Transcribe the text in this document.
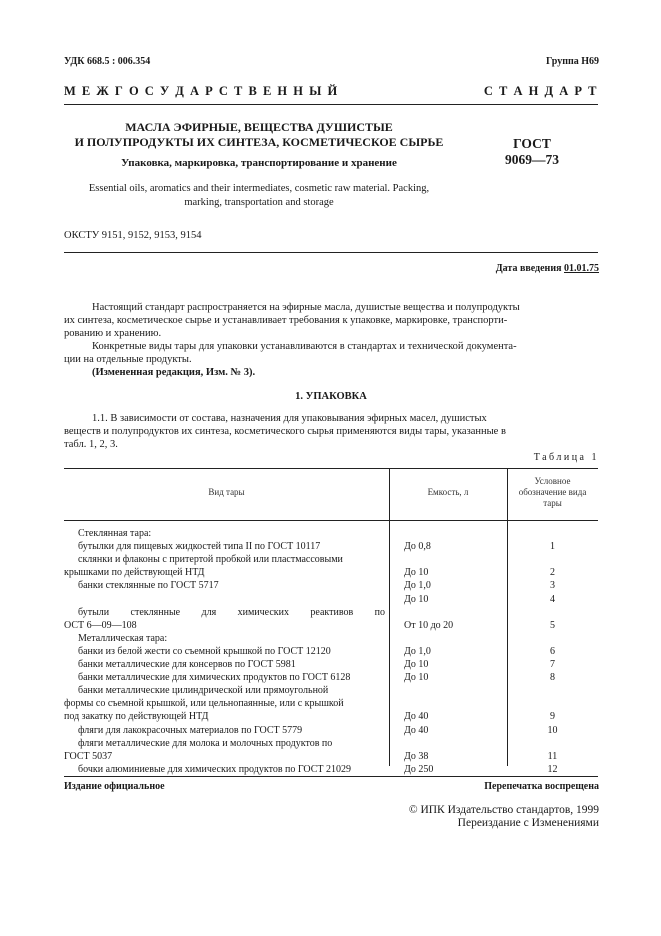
УДК 668.5 : 006.354	Группа Н69
М Е Ж Г О С У Д А Р С Т В Е Н Н Ы Й	С Т А Н Д А Р Т
МАСЛА ЭФИРНЫЕ, ВЕЩЕСТВА ДУШИСТЫЕ
И ПОЛУПРОДУКТЫ ИХ СИНТЕЗА, КОСМЕТИЧЕСКОЕ СЫРЬЕ
Упаковка, маркировка, транспортирование и хранение
Essential oils, aromatics and their intermediates, cosmetic raw material. Packing,
marking, transportation and storage
ГОСТ
9069—73
ОКСТУ 9151, 9152, 9153, 9154
Дата введения 01.01.75
Настоящий стандарт распространяется на эфирные масла, душистые вещества и полупродукты
их синтеза, косметическое сырье и устанавливает требования к упаковке, маркировке, транспорти-
рованию и хранению.
Конкретные виды тары для упаковки устанавливаются в стандартах и технической документа-
ции на отдельные продукты.
(Измененная редакция, Изм. № 3).
1. УПАКОВКА
1.1. В зависимости от состава, назначения для упаковывания эфирных масел, душистых
веществ и полупродуктов их синтеза, косметического сырья применяются виды тары, указанные в
табл. 1, 2, 3.
Таблица 1
Вид тары	Емкость, л
Условное
обозначение вида
тары
Стеклянная тара:
бутылки для пищевых жидкостей типа II по ГОСТ 10117	До 0,8	1
склянки и флаконы с притертой пробкой или пластмассовыми
крышками по действующей НТД	До 10	2
банки стеклянные по ГОСТ 5717	До 1,0	3
До 10	4
бутыли стеклянные для химических реактивов по
ОСТ 6—09—108	От 10 до 20	5
Металлическая тара:
банки из белой жести со съемной крышкой по ГОСТ 12120	До 1,0	6
банки металлические для консервов по ГОСТ 5981	До 10	7
банки металлические для химических продуктов по ГОСТ 6128	До 10	8
банки металлические цилиндрической или прямоугольной
формы со съемной крышкой, или цельнопаянные, или с крышкой
под закатку по действующей НТД	До 40	9
фляги для лакокрасочных материалов по ГОСТ 5779	До 40	10
фляги металлические для молока и молочных продуктов по
ГОСТ 5037	До 38	11
бочки алюминиевые для химических продуктов по ГОСТ 21029	До 250	12
Издание официальное	Перепечатка воспрещена
© ИПК Издательство стандартов, 1999
Переиздание с Изменениями
